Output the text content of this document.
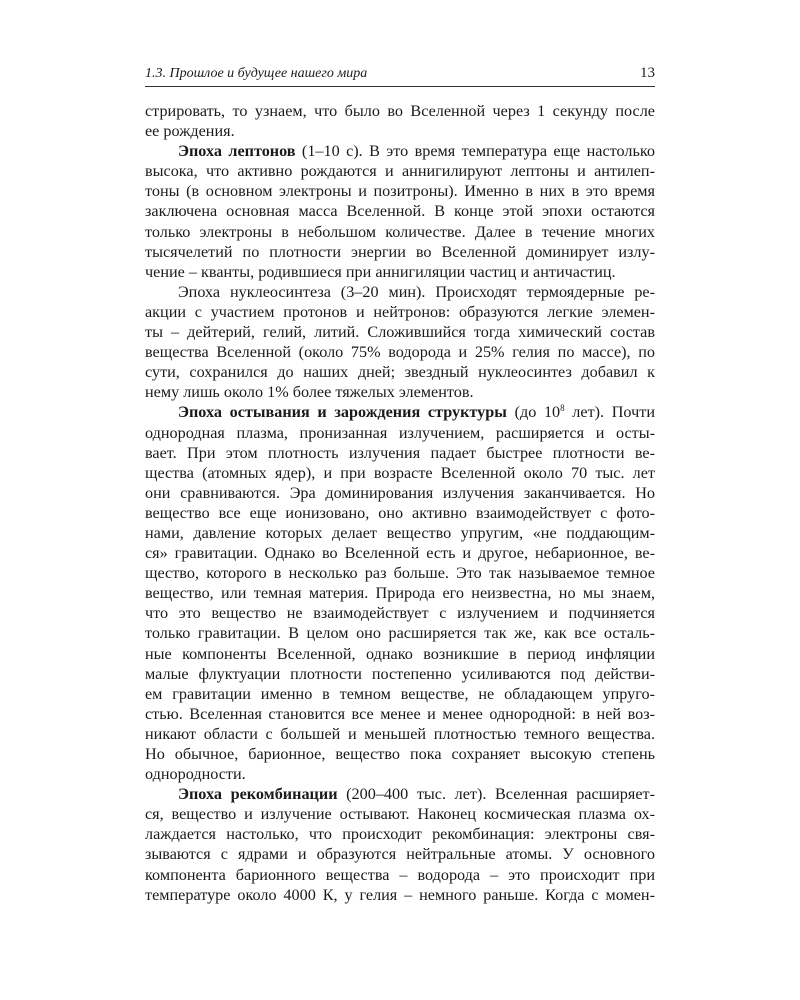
1.3. Прошлое и будущее нашего мира	13
стрировать, то узнаем, что было во Вселенной через 1 секунду после
ее рождения.
Эпоха лептонов (1–10 с). В это время температура еще настолько
высока, что активно рождаются и аннигилируют лептоны и антилеп-
тоны (в основном электроны и позитроны). Именно в них в это время
заключена основная масса Вселенной. В конце этой эпохи остаются
только электроны в небольшом количестве. Далее в течение многих
тысячелетий по плотности энергии во Вселенной доминирует излу-
чение – кванты, родившиеся при аннигиляции частиц и античастиц.
Эпоха нуклеосинтеза (3–20 мин). Происходят термоядерные ре-
акции с участием протонов и нейтронов: образуются легкие элемен-
ты – дейтерий, гелий, литий. Сложившийся тогда химический состав
вещества Вселенной (около 75% водорода и 25% гелия по массе), по
сути, сохранился до наших дней; звездный нуклеосинтез добавил к
нему лишь около 1% более тяжелых элементов.
Эпоха остывания и зарождения структуры (до $10^8$ лет). Почти
однородная плазма, пронизанная излучением, расширяется и осты-
вает. При этом плотность излучения падает быстрее плотности ве-
щества (атомных ядер), и при возрасте Вселенной около 70 тыс. лет
они сравниваются. Эра доминирования излучения заканчивается. Но
вещество все еще ионизовано, оно активно взаимодействует с фото-
нами, давление которых делает вещество упругим, «не поддающим-
ся» гравитации. Однако во Вселенной есть и другое, небарионное, ве-
щество, которого в несколько раз больше. Это так называемое темное
вещество, или темная материя. Природа его неизвестна, но мы знаем,
что это вещество не взаимодействует с излучением и подчиняется
только гравитации. В целом оно расширяется так же, как все осталь-
ные компоненты Вселенной, однако возникшие в период инфляции
малые флуктуации плотности постепенно усиливаются под действи-
ем гравитации именно в темном веществе, не обладающем упруго-
стью. Вселенная становится все менее и менее однородной: в ней воз-
никают области с большей и меньшей плотностью темного вещества.
Но обычное, барионное, вещество пока сохраняет высокую степень
однородности.
Эпоха рекомбинации (200–400 тыс. лет). Вселенная расширяет-
ся, вещество и излучение остывают. Наконец космическая плазма ох-
лаждается настолько, что происходит рекомбинация: электроны свя-
зываются с ядрами и образуются нейтральные атомы. У основного
компонента барионного вещества – водорода – это происходит при
температуре около 4000 К, у гелия – немного раньше. Когда с момен-
